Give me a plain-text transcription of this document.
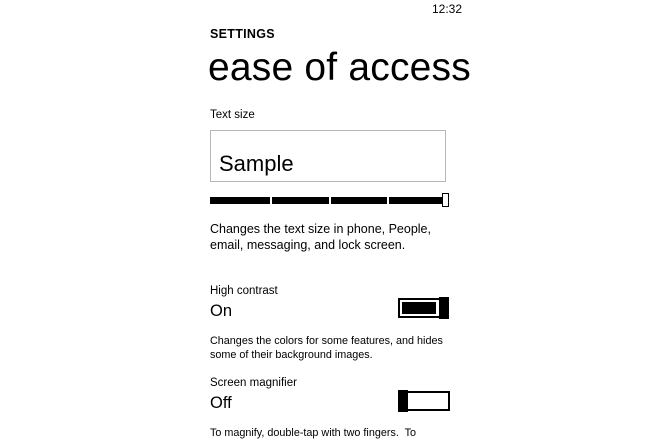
12:32
SETTINGS
ease of access
Text size
Sample
Changes the text size in phone, People, email, messaging, and lock screen.
High contrast
On
Changes the colors for some features, and hides some of their background images.
Screen magnifier
Off
To magnify, double-tap with two fingers.  To
